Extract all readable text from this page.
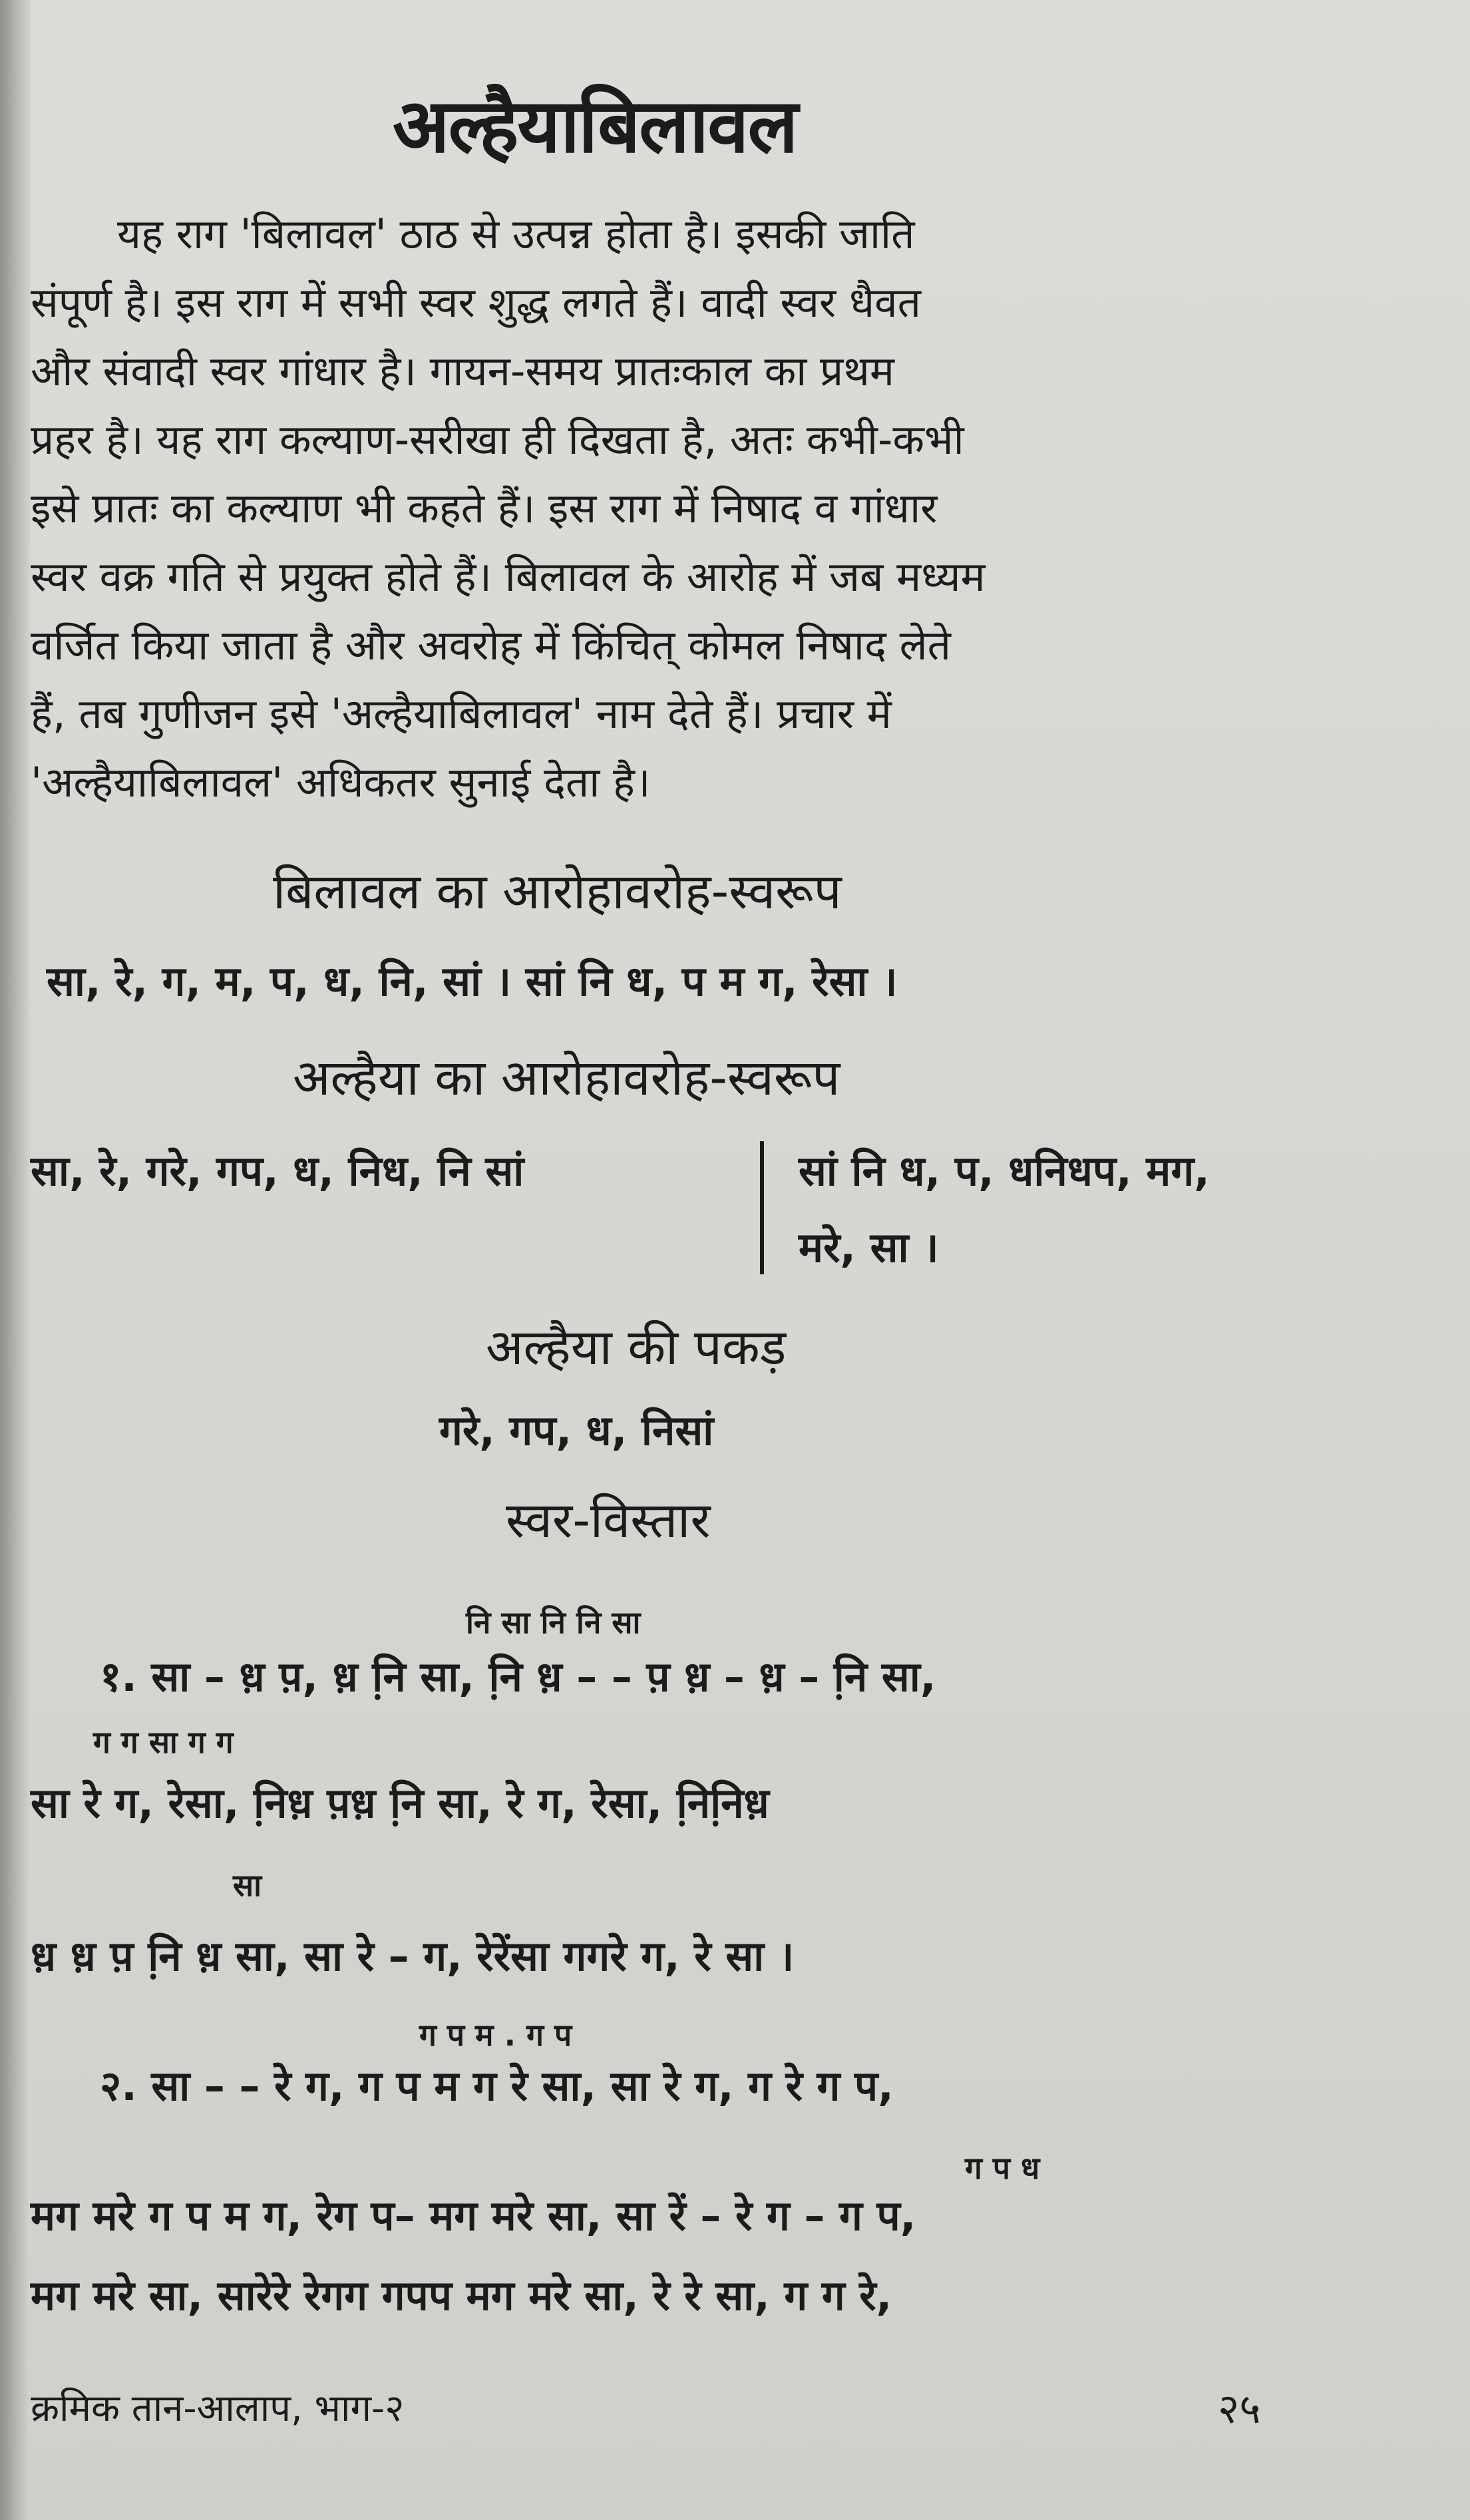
अल्हैयाबिलावल

यह राग 'बिलावल' ठाठ से उत्पन्न होता है। इसकी जाति

संपूर्ण है। इस राग में सभी स्वर शुद्ध लगते हैं। वादी स्वर धैवत

और संवादी स्वर गांधार है। गायन-समय प्रातःकाल का प्रथम

प्रहर है। यह राग कल्याण-सरीखा ही दिखता है, अतः कभी-कभी

इसे प्रातः का कल्याण भी कहते हैं। इस राग में निषाद व गांधार

स्वर वक्र गति से प्रयुक्त होते हैं। बिलावल के आरोह में जब मध्यम

वर्जित किया जाता है और अवरोह में किंचित् कोमल निषाद लेते

हैं, तब गुणीजन इसे 'अल्हैयाबिलावल' नाम देते हैं। प्रचार में

'अल्हैयाबिलावल' अधिकतर सुनाई देता है।

बिलावल का आरोहावरोह-स्वरूप
सा, रे, ग, म, प, ध, नि, सां । सां नि ध, प म ग, रेसा ।
अल्हैया का आरोहावरोह-स्वरूप
सा, रे, गरे, गप, ध, निध, नि सां	सां नि ध, प, धनिधप, मग,
मरे, सा ।
अल्हैया की पकड़
गरे, गप, ध, निसां
स्वर-विस्तार
नि सा नि नि सा
१. सा – ध़ प़, ध़ नि़ सा, नि़ ध़ – – प़ ध़ – ध़ – नि़ सा,
ग ग सा ग ग
सा रे ग, रेसा, नि़ध़ प़ध़ नि़ सा, रे ग, रेसा, नि़नि़ध़
सा
ध़ ध़ प़ नि़ ध़ सा, सा रे – ग, रेरेंसा गगरे ग, रे सा ।
ग प म . ग प
२. सा – – रे ग, ग प म ग रे सा, सा रे ग, ग रे ग प,
ग प ध
मग मरे ग प म ग, रेग प– मग मरे सा, सा रें – रे ग – ग प,
मग मरे सा, सारेरे रेगग गपप मग मरे सा, रे रे सा, ग ग रे,
क्रमिक तान-आलाप, भाग-२	२५
